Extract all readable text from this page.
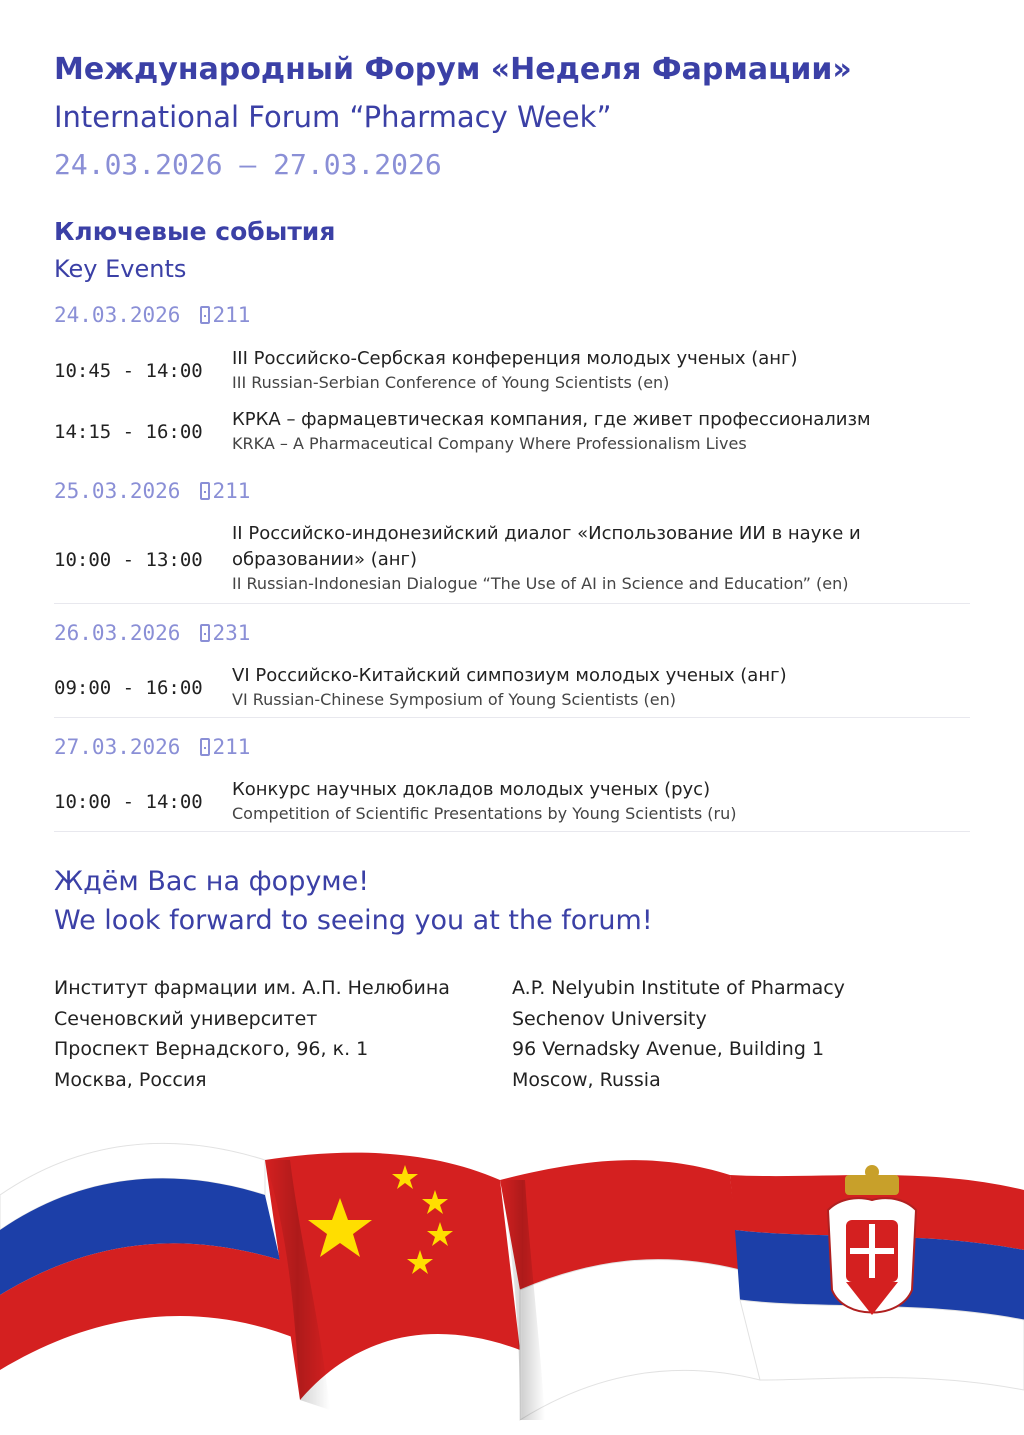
Международный Форум «Неделя Фармации»
International Forum “Pharmacy Week”
24.03.2026 – 27.03.2026
Ключевые события
Key Events
24.03.2026 211
10:45 - 14:00
III Российско-Сербская конференция молодых ученых (анг)
III Russian-Serbian Conference of Young Scientists (en)
14:15 - 16:00
КРКА – фармацевтическая компания, где живет профессионализм
KRKA – A Pharmaceutical Company Where Professionalism Lives
25.03.2026 211
10:00 - 13:00
II Российско-индонезийский диалог «Использование ИИ в науке и образовании» (анг)
II Russian-Indonesian Dialogue “The Use of AI in Science and Education” (en)
26.03.2026 231
09:00 - 16:00
VI Российско-Китайский симпозиум молодых ученых (анг)
VI Russian-Chinese Symposium of Young Scientists (en)
27.03.2026 211
10:00 - 14:00
Конкурс научных докладов молодых ученых (рус)
Competition of Scientific Presentations by Young Scientists (ru)
Ждём Вас на форуме!
We look forward to seeing you at the forum!
Институт фармации им. А.П. Нелюбина
Сеченовский университет
Проспект Вернадского, 96, к. 1
Москва, Россия
A.P. Nelyubin Institute of Pharmacy
Sechenov University
96 Vernadsky Avenue, Building 1
Moscow, Russia
